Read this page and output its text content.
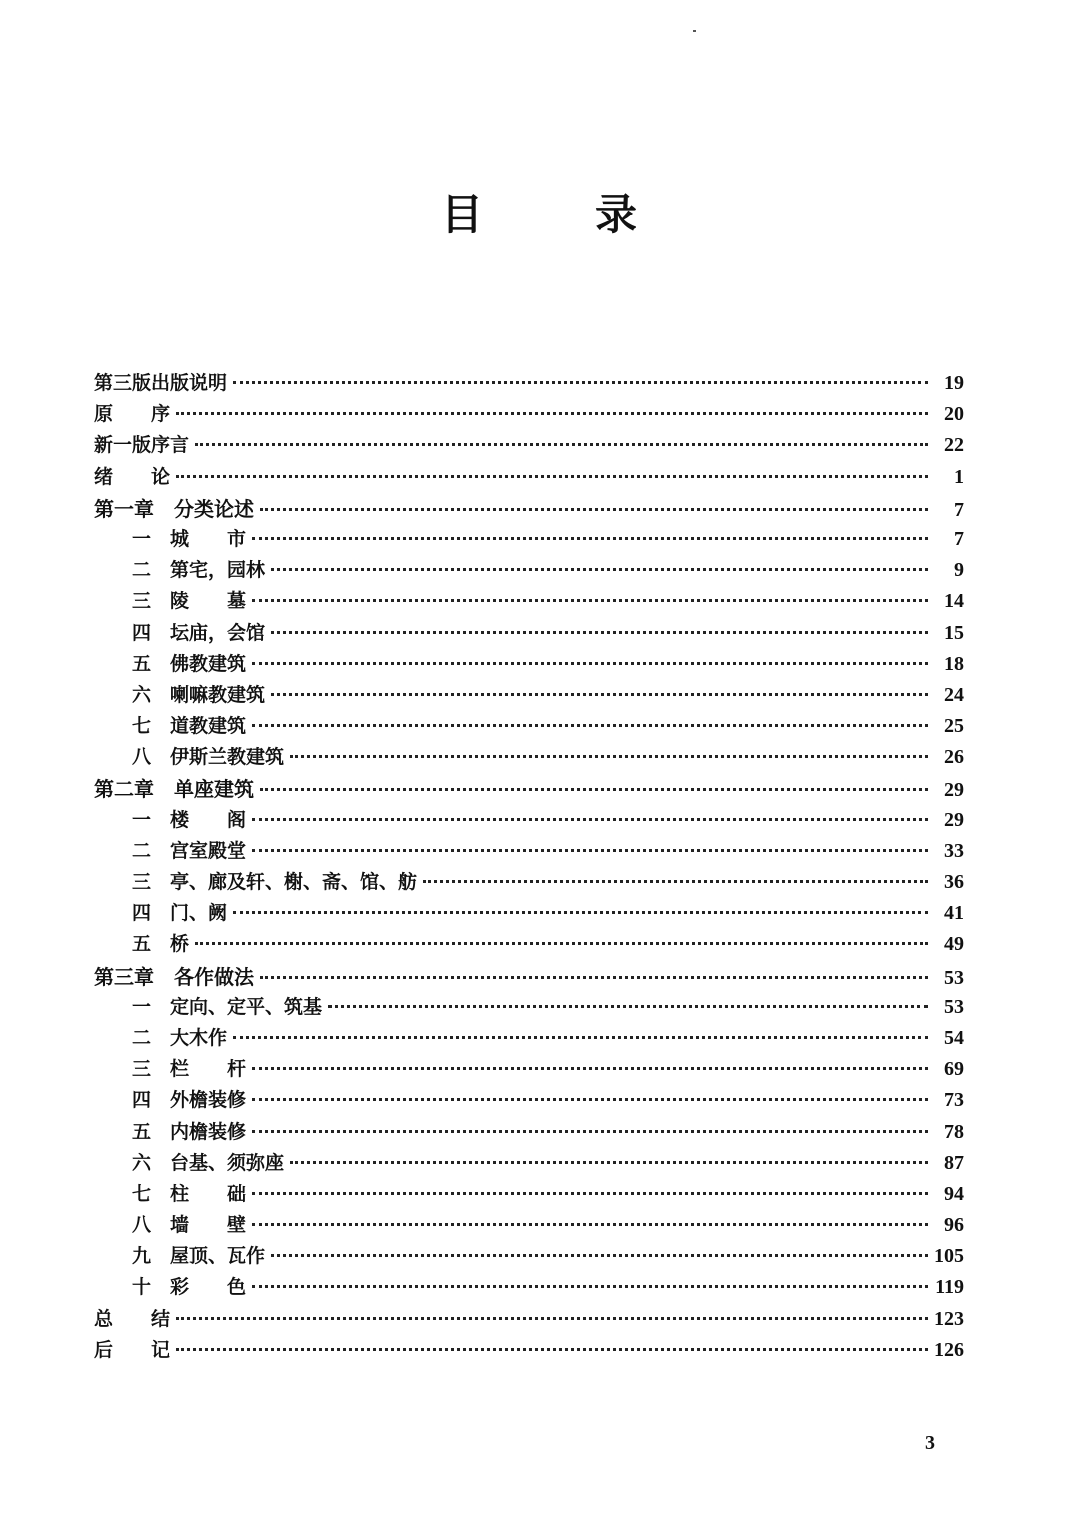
目	录
第三版出版说明	19
原　　序	20
新一版序言	22
绪　　论	1
第一章　分类论述	7
一 城　　市	7
二 第宅，园林	9
三 陵　　墓	14
四 坛庙，会馆	15
五 佛教建筑	18
六 喇嘛教建筑	24
七 道教建筑	25
八 伊斯兰教建筑	26
第二章　单座建筑	29
一 楼　　阁	29
二 宫室殿堂	33
三 亭、廊及轩、榭、斋、馆、舫	36
四 门、阙	41
五 桥	49
第三章　各作做法	53
一 定向、定平、筑基	53
二 大木作	54
三 栏　　杆	69
四 外檐装修	73
五 内檐装修	78
六 台基、须弥座	87
七 柱　　础	94
八 墙　　壁	96
九 屋顶、瓦作	105
十 彩　　色	119
总　　结	123
后　　记	126
3
